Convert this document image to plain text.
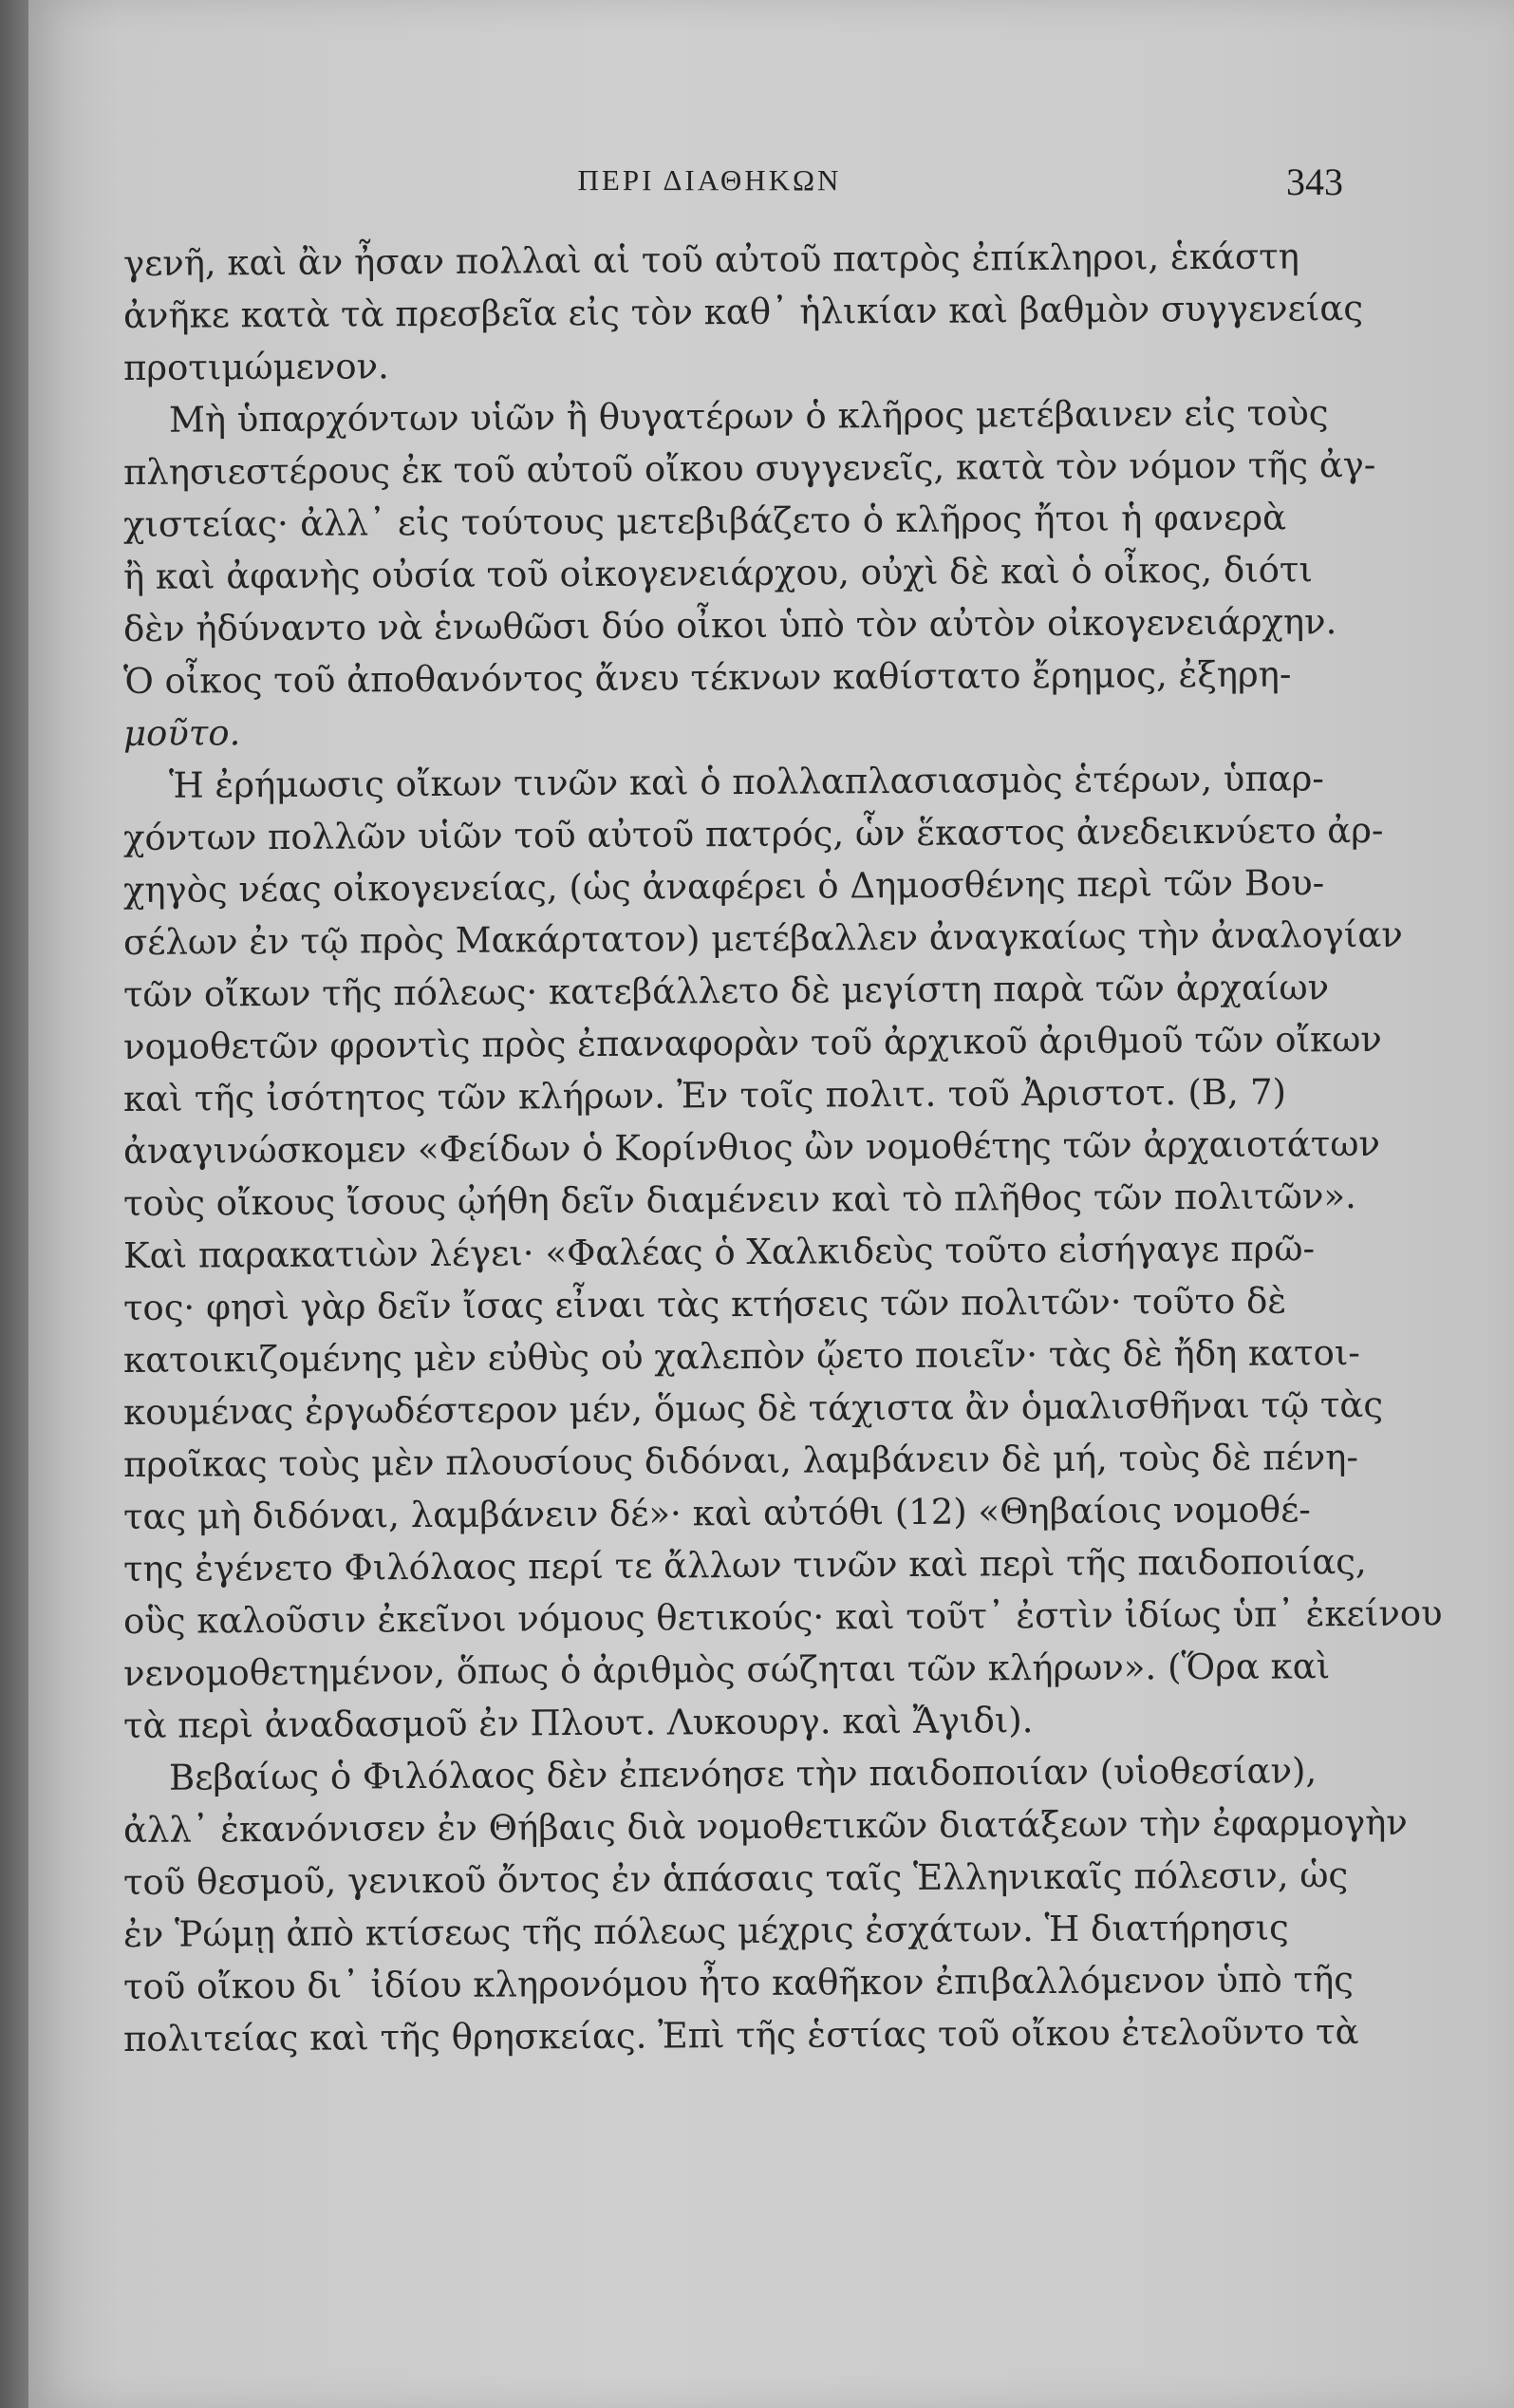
ΠΕΡΙ ΔΙΑΘΗΚΩΝ	343
γενῆ, καὶ ἂν ἦσαν πολλαὶ αἱ τοῦ αὐτοῦ πατρὸς ἐπίκληροι, ἑκάστη
ἀνῆκε κατὰ τὰ πρεσβεῖα εἰς τὸν καθ᾽ ἡλικίαν καὶ βαθμὸν συγγενείας
προτιμώμενον.
Μὴ ὑπαρχόντων υἱῶν ἢ θυγατέρων ὁ κλῆρος μετέβαινεν εἰς τοὺς
πλησιεστέρους ἐκ τοῦ αὐτοῦ οἴκου συγγενεῖς, κατὰ τὸν νόμον τῆς ἀγ-
χιστείας· ἀλλ᾽ εἰς τούτους μετεβιβάζετο ὁ κλῆρος ἤτοι ἡ φανερὰ
ἢ καὶ ἀφανὴς οὐσία τοῦ οἰκογενειάρχου, οὐχὶ δὲ καὶ ὁ οἶκος, διότι
δὲν ἠδύναντο νὰ ἑνωθῶσι δύο οἶκοι ὑπὸ τὸν αὐτὸν οἰκογενειάρχην.
Ὁ οἶκος τοῦ ἀποθανόντος ἄνευ τέκνων καθίστατο ἔρημος, ἐξηρη-
μοῦτο.
Ἡ ἐρήμωσις οἴκων τινῶν καὶ ὁ πολλαπλασιασμὸς ἑτέρων, ὑπαρ-
χόντων πολλῶν υἱῶν τοῦ αὐτοῦ πατρός, ὧν ἕκαστος ἀνεδεικνύετο ἀρ-
χηγὸς νέας οἰκογενείας, (ὡς ἀναφέρει ὁ Δημοσθένης περὶ τῶν Βου-
σέλων ἐν τῷ πρὸς Μακάρτατον) μετέβαλλεν ἀναγκαίως τὴν ἀναλογίαν
τῶν οἴκων τῆς πόλεως· κατεβάλλετο δὲ μεγίστη παρὰ τῶν ἀρχαίων
νομοθετῶν φροντὶς πρὸς ἐπαναφορὰν τοῦ ἀρχικοῦ ἀριθμοῦ τῶν οἴκων
καὶ τῆς ἰσότητος τῶν κλήρων. Ἐν τοῖς πολιτ. τοῦ Ἀριστοτ. (Β, 7)
ἀναγινώσκομεν «Φείδων ὁ Κορίνθιος ὢν νομοθέτης τῶν ἀρχαιοτάτων
τοὺς οἴκους ἴσους ᾠήθη δεῖν διαμένειν καὶ τὸ πλῆθος τῶν πολιτῶν».
Καὶ παρακατιὼν λέγει· «Φαλέας ὁ Χαλκιδεὺς τοῦτο εἰσήγαγε πρῶ-
τος· φησὶ γὰρ δεῖν ἴσας εἶναι τὰς κτήσεις τῶν πολιτῶν· τοῦτο δὲ
κατοικιζομένης μὲν εὐθὺς οὐ χαλεπὸν ᾤετο ποιεῖν· τὰς δὲ ἤδη κατοι-
κουμένας ἐργωδέστερον μέν, ὅμως δὲ τάχιστα ἂν ὁμαλισθῆναι τῷ τὰς
προῖκας τοὺς μὲν πλουσίους διδόναι, λαμβάνειν δὲ μή, τοὺς δὲ πένη-
τας μὴ διδόναι, λαμβάνειν δέ»· καὶ αὐτόθι (12) «Θηβαίοις νομοθέ-
της ἐγένετο Φιλόλαος περί τε ἄλλων τινῶν καὶ περὶ τῆς παιδοποιίας,
οὓς καλοῦσιν ἐκεῖνοι νόμους θετικούς· καὶ τοῦτ᾽ ἐστὶν ἰδίως ὑπ᾽ ἐκείνου
νενομοθετημένον, ὅπως ὁ ἀριθμὸς σώζηται τῶν κλήρων». (Ὅρα καὶ
τὰ περὶ ἀναδασμοῦ ἐν Πλουτ. Λυκουργ. καὶ Ἄγιδι).
Βεβαίως ὁ Φιλόλαος δὲν ἐπενόησε τὴν παιδοποιίαν (υἱοθεσίαν),
ἀλλ᾽ ἐκανόνισεν ἐν Θήβαις διὰ νομοθετικῶν διατάξεων τὴν ἐφαρμογὴν
τοῦ θεσμοῦ, γενικοῦ ὄντος ἐν ἁπάσαις ταῖς Ἑλληνικαῖς πόλεσιν, ὡς
ἐν Ῥώμῃ ἀπὸ κτίσεως τῆς πόλεως μέχρις ἐσχάτων. Ἡ διατήρησις
τοῦ οἴκου δι᾽ ἰδίου κληρονόμου ἦτο καθῆκον ἐπιβαλλόμενον ὑπὸ τῆς
πολιτείας καὶ τῆς θρησκείας. Ἐπὶ τῆς ἑστίας τοῦ οἴκου ἐτελοῦντο τὰ
